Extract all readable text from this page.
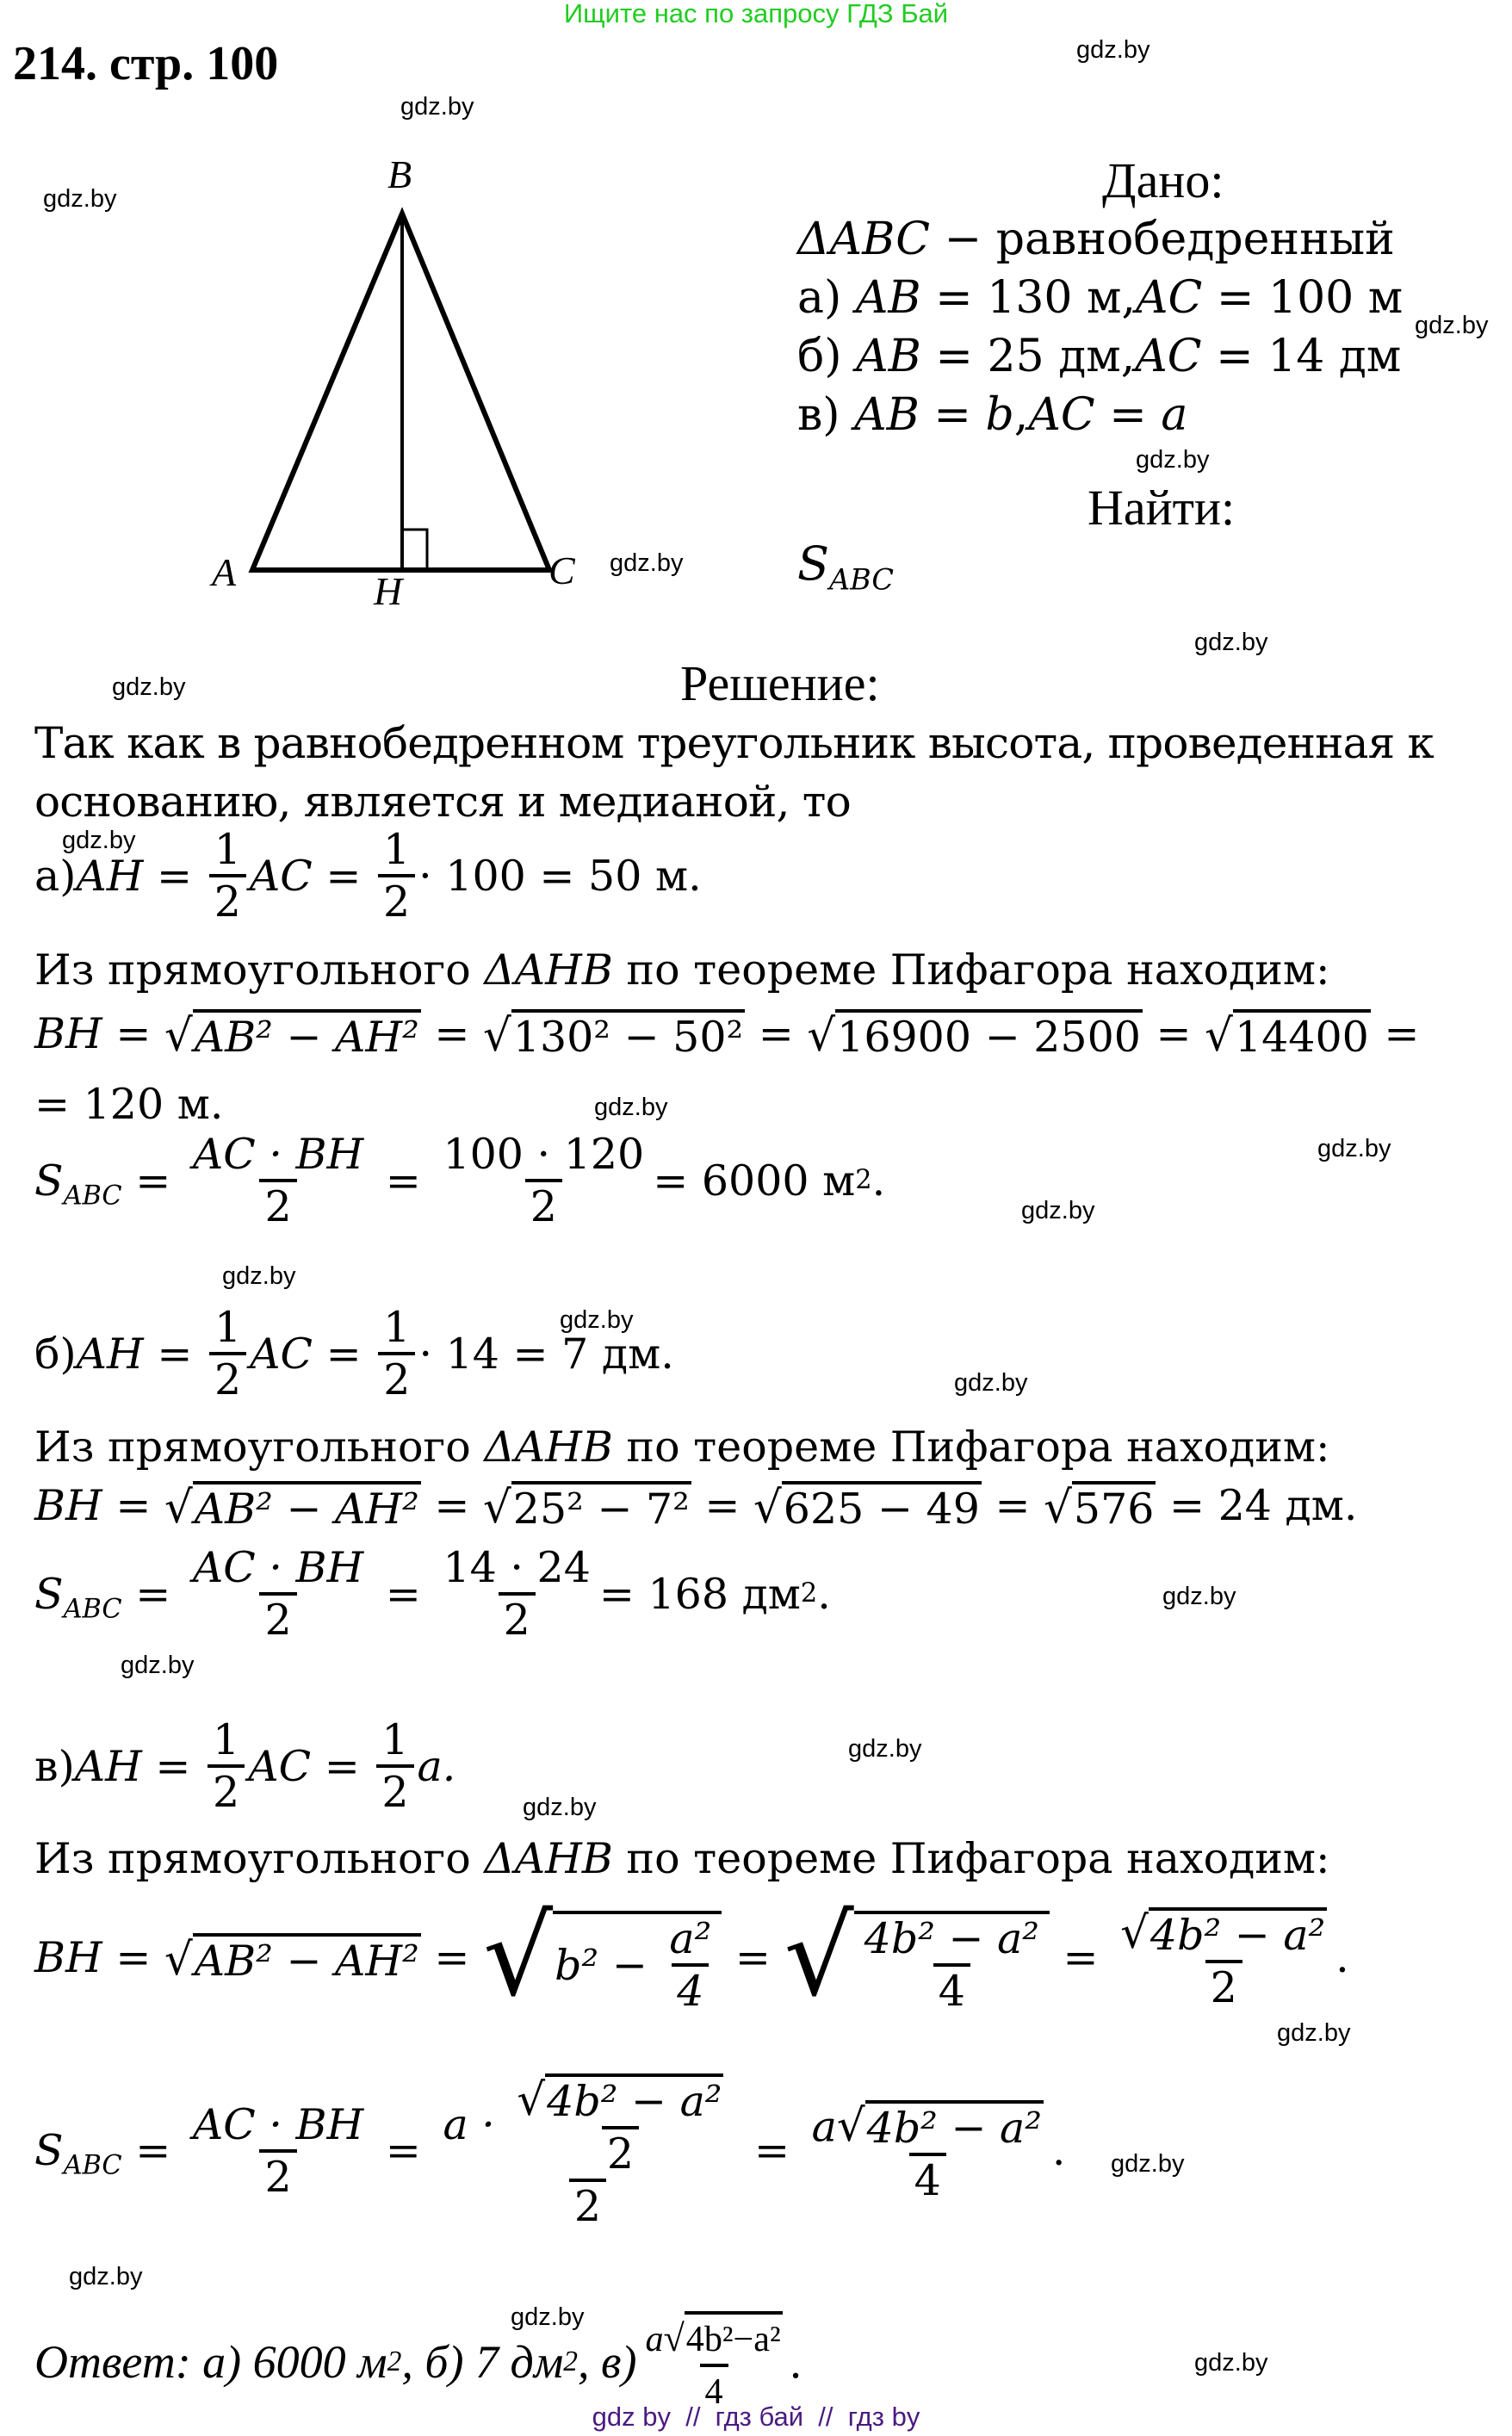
Ищите нас по запросу ГДЗ Бай
214. стр. 100	gdz.by
gdz.by
gdz.by
gdz.by
gdz.by
gdz.by
gdz.by
gdz.by
gdz.by
gdz.by
gdz.by
gdz.by
gdz.by
gdz.by
gdz.by
gdz.by
gdz.by
gdz.by
gdz.by
gdz.by
gdz.by
gdz.by
gdz.by
gdz.by
B
A	H	C
Дано:
ΔABC − равнобедренный
а) AB = 130 м,AC = 100 м
б) AB = 25 дм,AC = 14 дм
в) AB = b,AC = a
Найти:
$S_{ABC}$
Решение:
Так как в равнобедренном треугольник высота, проведенная к
основанию, является и медианой, то
а) AH = $\frac{1}{2}$ AC = $\frac{1}{2} \cdot 100 = 50$ м.
Из прямоугольного ΔAHB по теореме Пифагора находим:
BH = √ AB² − AH² = √ 130² − 50² = √ 16900 − 2500 = √ 14400 =
= 120 м.
$S_{ABC} = \frac{AC \cdot BH}{2} = \frac{100 \cdot 120}{2} = 6000$ м 2 .
б) AH = $\frac{1}{2}$ AC = $\frac{1}{2} \cdot 14 = 7$ дм.
Из прямоугольного ΔAHB по теореме Пифагора находим:
BH = √ AB² − AH² = √ 25² − 7² = √ 625 − 49 = √ 576
= 24 дм.
$S_{ABC} = \frac{AC \cdot BH}{2} = \frac{14 \cdot 24}{2} = 168$ дм 2 .
в) AH = $\frac{1}{2}$ AC = $\frac{1}{2} a$.
Из прямоугольного ΔAHB по теореме Пифагора находим:
BH = √ AB² − AH² = √ $b^2 - \frac{\text{a²}}{4}$ = √ $\frac{\text{4b² − a²}}{4} = \frac{\text{√ 4b² − a²}}{2}$ .
$S_{ABC} = \frac{AC \cdot BH}{2} = a$
·
$\frac{\text{√ 4b² − a²}}{2}$
$2 = \frac{\text{a √ 4b² − a²}}{4}$ .
Ответ: а) 6000 м 2 , б) 7 дм 2 , $в) \frac{\text{a √ 4b²−a²}}{4}$ .
gdz by  //  гдз бай  //  гдз by
